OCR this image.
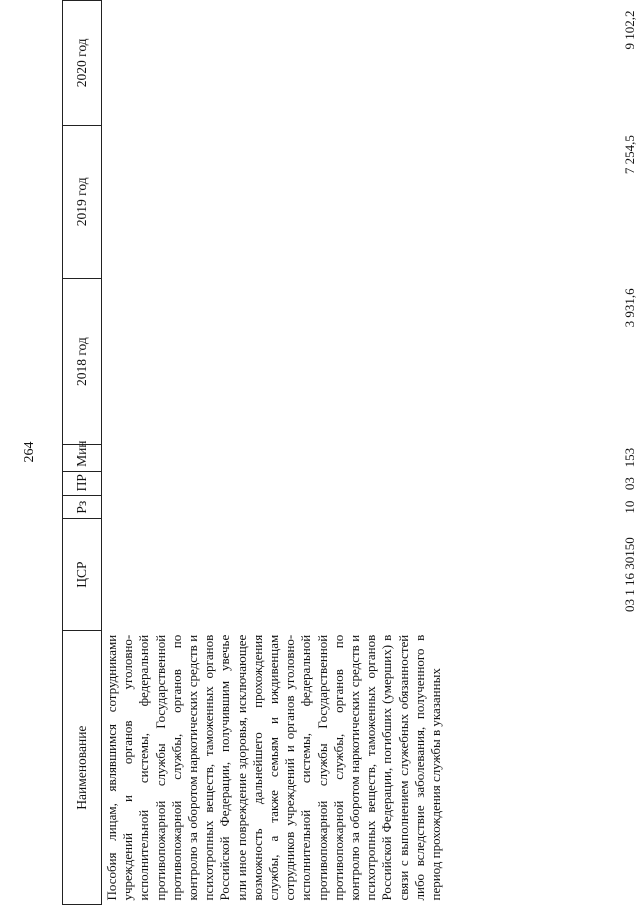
264
Наименование	ЦСР	Рз	ПР	Мин	2018 год	2019 год	2020 год
Пособия лицам, являвшимся сотрудниками учреждений и органов уголовно-исполнительной системы, федеральной противопожарной службы Государственной противопожарной службы, органов по контролю за оборотом наркотических средств и психотропных веществ, таможенных органов Российской Федерации, получившим увечье или иное повреждение здоровья, исключающее возможность дальнейшего прохождения службы, а также семьям и иждивенцам сотрудников учреждений и органов уголовно-исполнительной системы, федеральной противопожарной службы Государственной противопожарной службы, органов по контролю за оборотом наркотических средств и психотропных веществ, таможенных органов Российской Федерации, погибших (умерших) в связи с выполнением служебных обязанностей либо вследствие заболевания, полученного в период прохождения службы в указанных	03 1 16 30150	10	03	153	3 931,6	7 254,5	9 102,2
